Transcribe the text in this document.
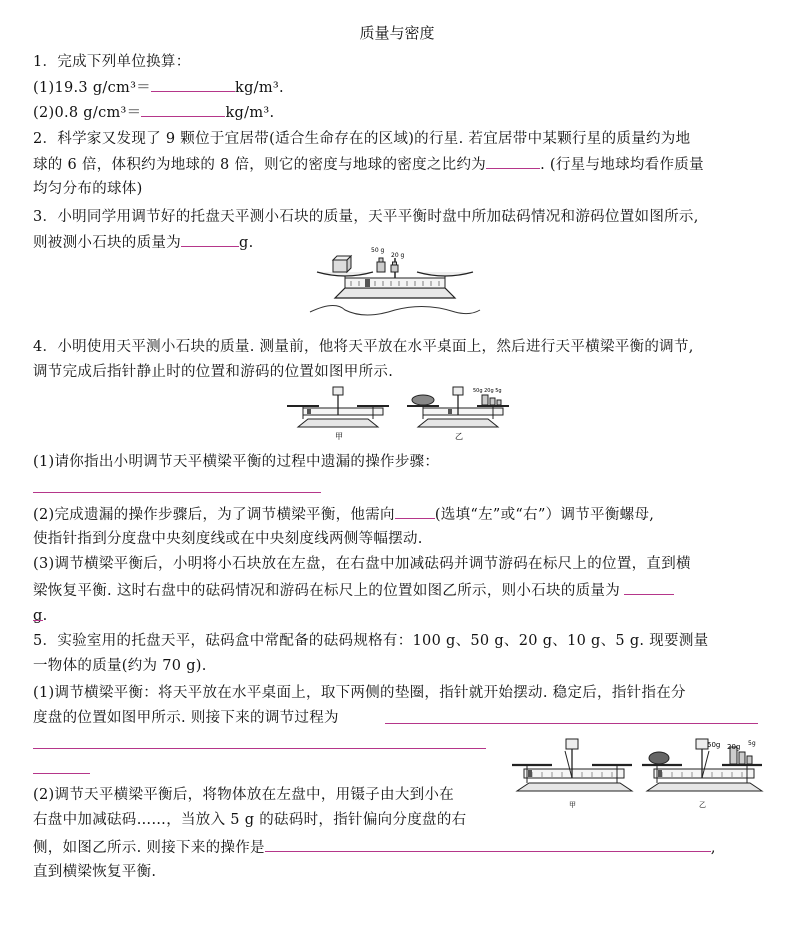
质量与密度
1．完成下列单位换算：
(1)19.3 g/cm³＝	kg/m³.
(2)0.8 g/cm³＝	kg/m³.
2．科学家又发现了 9 颗位于宜居带(适合生命存在的区域)的行星. 若宜居带中某颗行星的质量约为地
球的 6 倍，体积约为地球的 8 倍，则它的密度与地球的密度之比约为	. (行星与地球均看作质量
均匀分布的球体)
3．小明同学用调节好的托盘天平测小石块的质量，天平平衡时盘中所加砝码情况和游码位置如图所示,
则被测小石块的质量为	g.	50 g
20 g
4．小明使用天平测小石块的质量. 测量前，他将天平放在水平桌面上，然后进行天平横梁平衡的调节,
调节完成后指针静止时的位置和游码的位置如图甲所示.
甲
50g 20g 5g
乙
(1)请你指出小明调节天平横梁平衡的过程中遗漏的操作步骤：
(2)完成遗漏的操作步骤后，为了调节横梁平衡，他需向	(选填“左”或“右”）调节平衡螺母,
使指针指到分度盘中央刻度线或在中央刻度线两侧等幅摆动.
(3)调节横梁平衡后，小明将小石块放在左盘，在右盘中加减砝码并调节游码在标尺上的位置，直到横
梁恢复平衡. 这时右盘中的砝码情况和游码在标尺上的位置如图乙所示，则小石块的质量为
g.
5．实验室用的托盘天平，砝码盒中常配备的砝码规格有：100 g、50 g、20 g、10 g、5 g. 现要测量
一物体的质量(约为 70 g).
(1)调节横梁平衡：将天平放在水平桌面上，取下两侧的垫圈，指针就开始摆动. 稳定后，指针指在分
度盘的位置如图甲所示. 则接下来的调节过程为
(2)调节天平横梁平衡后，将物体放在左盘中，用镊子由大到小在
右盘中加减砝码……，当放入 5 g 的砝码时，指针偏向分度盘的右
侧，如图乙所示. 则接下来的操作是	,
直到横梁恢复平衡.
甲
50g 20g 5g
乙
